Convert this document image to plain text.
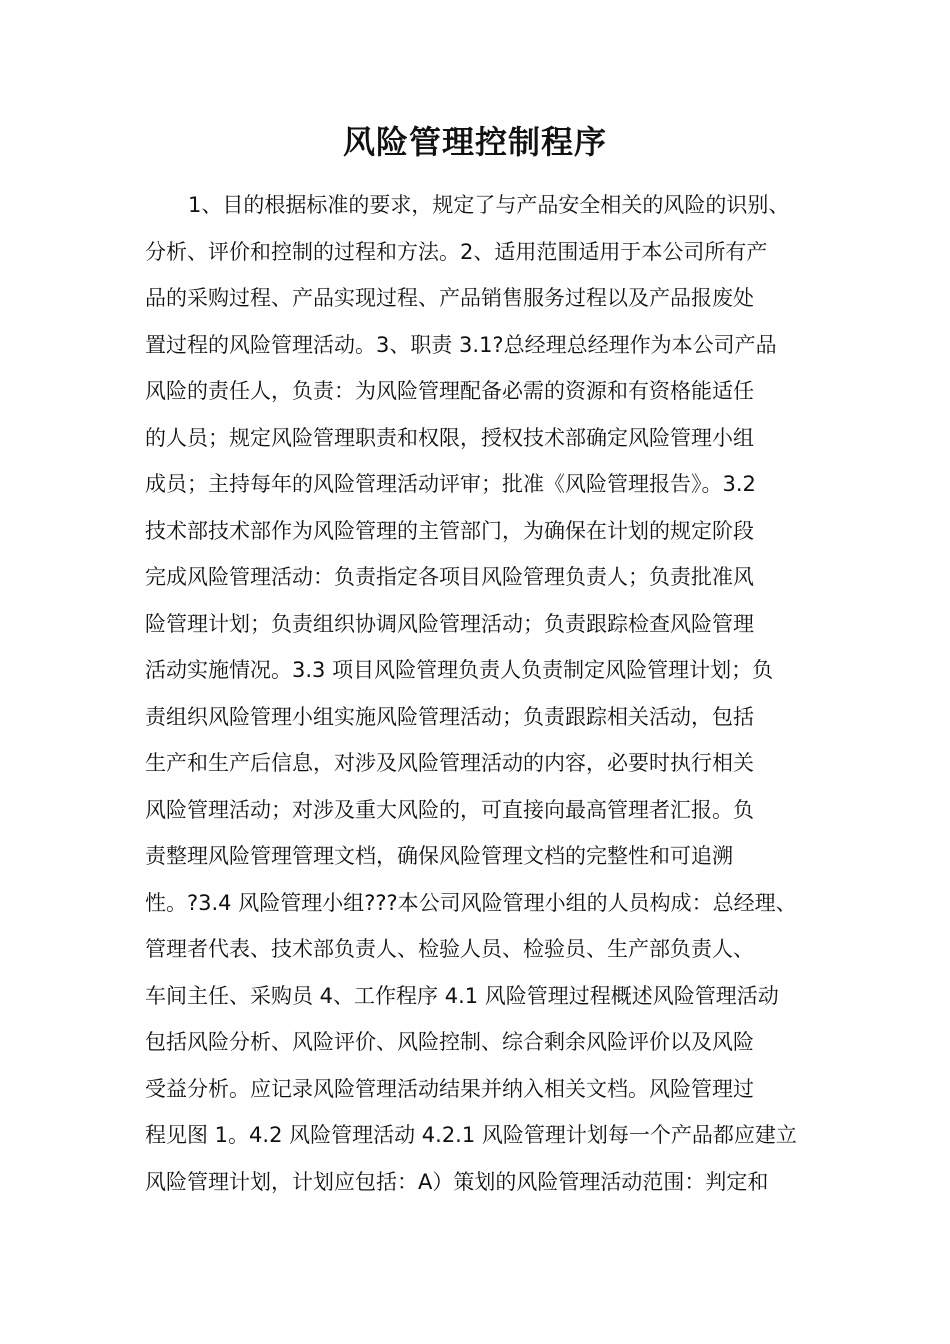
风险管理控制程序
1、目的根据标准的要求，规定了与产品安全相关的风险的识别、
分析、评价和控制的过程和方法。2、适用范围适用于本公司所有产
品的采购过程、产品实现过程、产品销售服务过程以及产品报废处
置过程的风险管理活动。3、职责 3.1?总经理总经理作为本公司产品
风险的责任人，负责：为风险管理配备必需的资源和有资格能适任
的人员；规定风险管理职责和权限，授权技术部确定风险管理小组
成员；主持每年的风险管理活动评审；批准《风险管理报告》。3.2
技术部技术部作为风险管理的主管部门，为确保在计划的规定阶段
完成风险管理活动：负责指定各项目风险管理负责人；负责批准风
险管理计划；负责组织协调风险管理活动；负责跟踪检查风险管理
活动实施情况。3.3 项目风险管理负责人负责制定风险管理计划；负
责组织风险管理小组实施风险管理活动；负责跟踪相关活动，包括
生产和生产后信息，对涉及风险管理活动的内容，必要时执行相关
风险管理活动；对涉及重大风险的，可直接向最高管理者汇报。负
责整理风险管理管理文档，确保风险管理文档的完整性和可追溯
性。?3.4 风险管理小组???本公司风险管理小组的人员构成：总经理、
管理者代表、技术部负责人、检验人员、检验员、生产部负责人、
车间主任、采购员 4、工作程序 4.1 风险管理过程概述风险管理活动
包括风险分析、风险评价、风险控制、综合剩余风险评价以及风险
受益分析。应记录风险管理活动结果并纳入相关文档。风险管理过
程见图 1。4.2 风险管理活动 4.2.1 风险管理计划每一个产品都应建立
风险管理计划，计划应包括：A）策划的风险管理活动范围：判定和
